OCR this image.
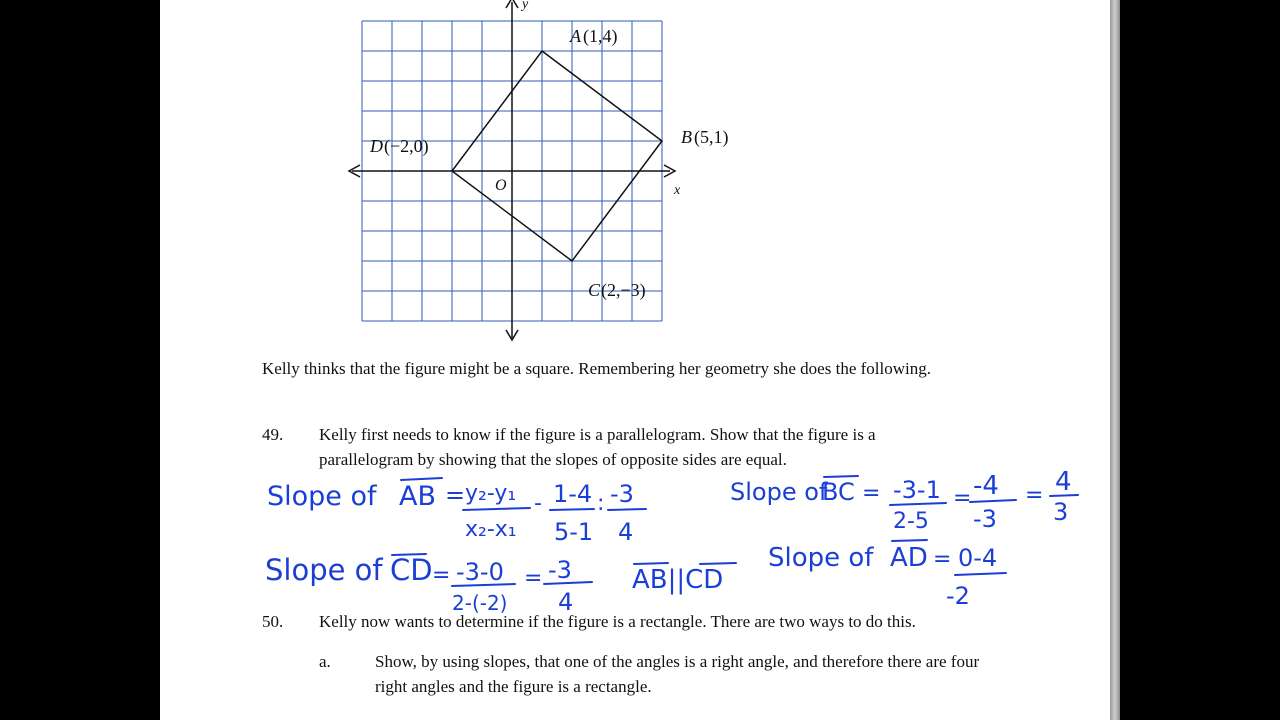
x
y
O
A (1,4)
B (5,1)
C (2,−3)
D (−2,0)
Kelly thinks that the figure might be a square. Remembering her geometry she does the following.
49. Kelly first needs to know if the figure is a parallelogram. Show that the figure is a parallelogram by showing that the slopes of opposite sides are equal.
50. Kelly now wants to determine if the figure is a rectangle. There are two ways to do this.
a.	Show, by using slopes, that one of the angles is a right angle, and therefore there are four right angles and the figure is a rectangle.
Slope of AB = y₂-y₁
x₂-x₁
- 1-4
5-1
: -3
4
Slope of
BC = -3-1
2-5
= -4
-3
= 4
3
Slope of CD = -3-0
2-(-2)
= -3
4
AB||CD
Slope of AD = 0-4
-2
